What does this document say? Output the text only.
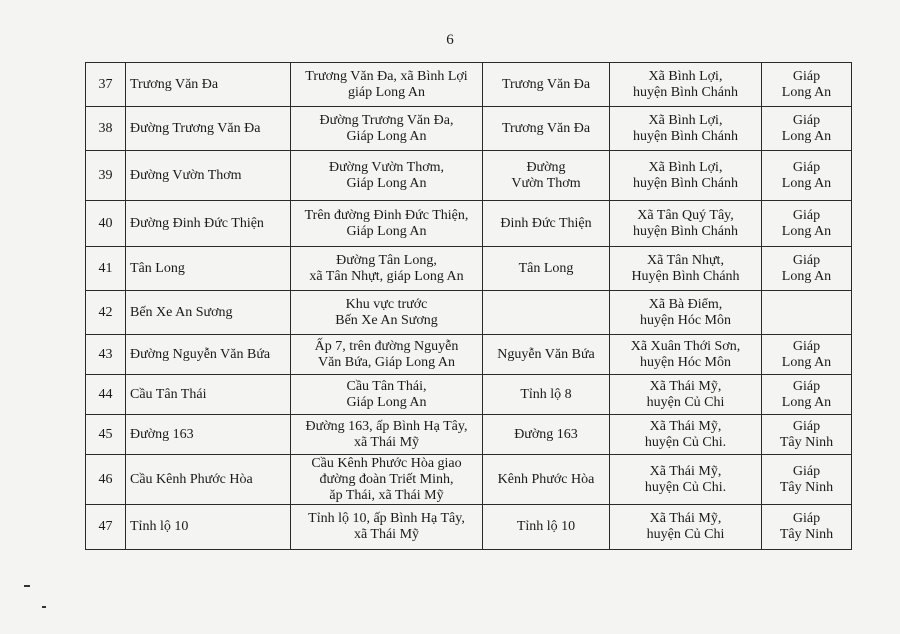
6
37	Trương Văn Đa	Trương Văn Đa, xã Bình Lợi
giáp Long An	Trương Văn Đa	Xã Bình Lợi,
huyện Bình Chánh	Giáp
Long An
38	Đường Trương Văn Đa	Đường Trương Văn Đa,
Giáp Long An	Trương Văn Đa	Xã Bình Lợi,
huyện Bình Chánh	Giáp
Long An
39	Đường Vườn Thơm	Đường Vườn Thơm,
Giáp Long An	Đường
Vườn Thơm	Xã Bình Lợi,
huyện Bình Chánh	Giáp
Long An
40	Đường Đinh Đức Thiện	Trên đường Đinh Đức Thiện,
Giáp Long An	Đinh Đức Thiện	Xã Tân Quý Tây,
huyện Bình Chánh	Giáp
Long An
41	Tân Long	Đường Tân Long,
xã Tân Nhựt, giáp Long An	Tân Long	Xã Tân Nhựt,
Huyện Bình Chánh	Giáp
Long An
42	Bến Xe An Sương	Khu vực trước
Bến Xe An Sương		Xã Bà Điểm,
huyện Hóc Môn	
43	Đường Nguyễn Văn Bứa	Ấp 7, trên đường Nguyễn
Văn Bứa, Giáp Long An	Nguyễn Văn Bứa	Xã Xuân Thới Sơn,
huyện Hóc Môn	Giáp
Long An
44	Cầu Tân Thái	Cầu Tân Thái,
Giáp Long An	Tỉnh lộ 8	Xã Thái Mỹ,
huyện Củ Chi	Giáp
Long An
45	Đường 163	Đường 163, ấp Bình Hạ Tây,
xã Thái Mỹ	Đường 163	Xã Thái Mỹ,
huyện Củ Chi.	Giáp
Tây Ninh
46	Cầu Kênh Phước Hòa	Cầu Kênh Phước Hòa giao
đường đoàn Triết Minh,
ăp Thái, xã Thái Mỹ	Kênh Phước Hòa	Xã Thái Mỹ,
huyện Củ Chi.	Giáp
Tây Ninh
47	Tỉnh lộ 10	Tỉnh lộ 10, ấp Bình Hạ Tây,
xã Thái Mỹ	Tỉnh lộ 10	Xã Thái Mỹ,
huyện Củ Chi	Giáp
Tây Ninh
